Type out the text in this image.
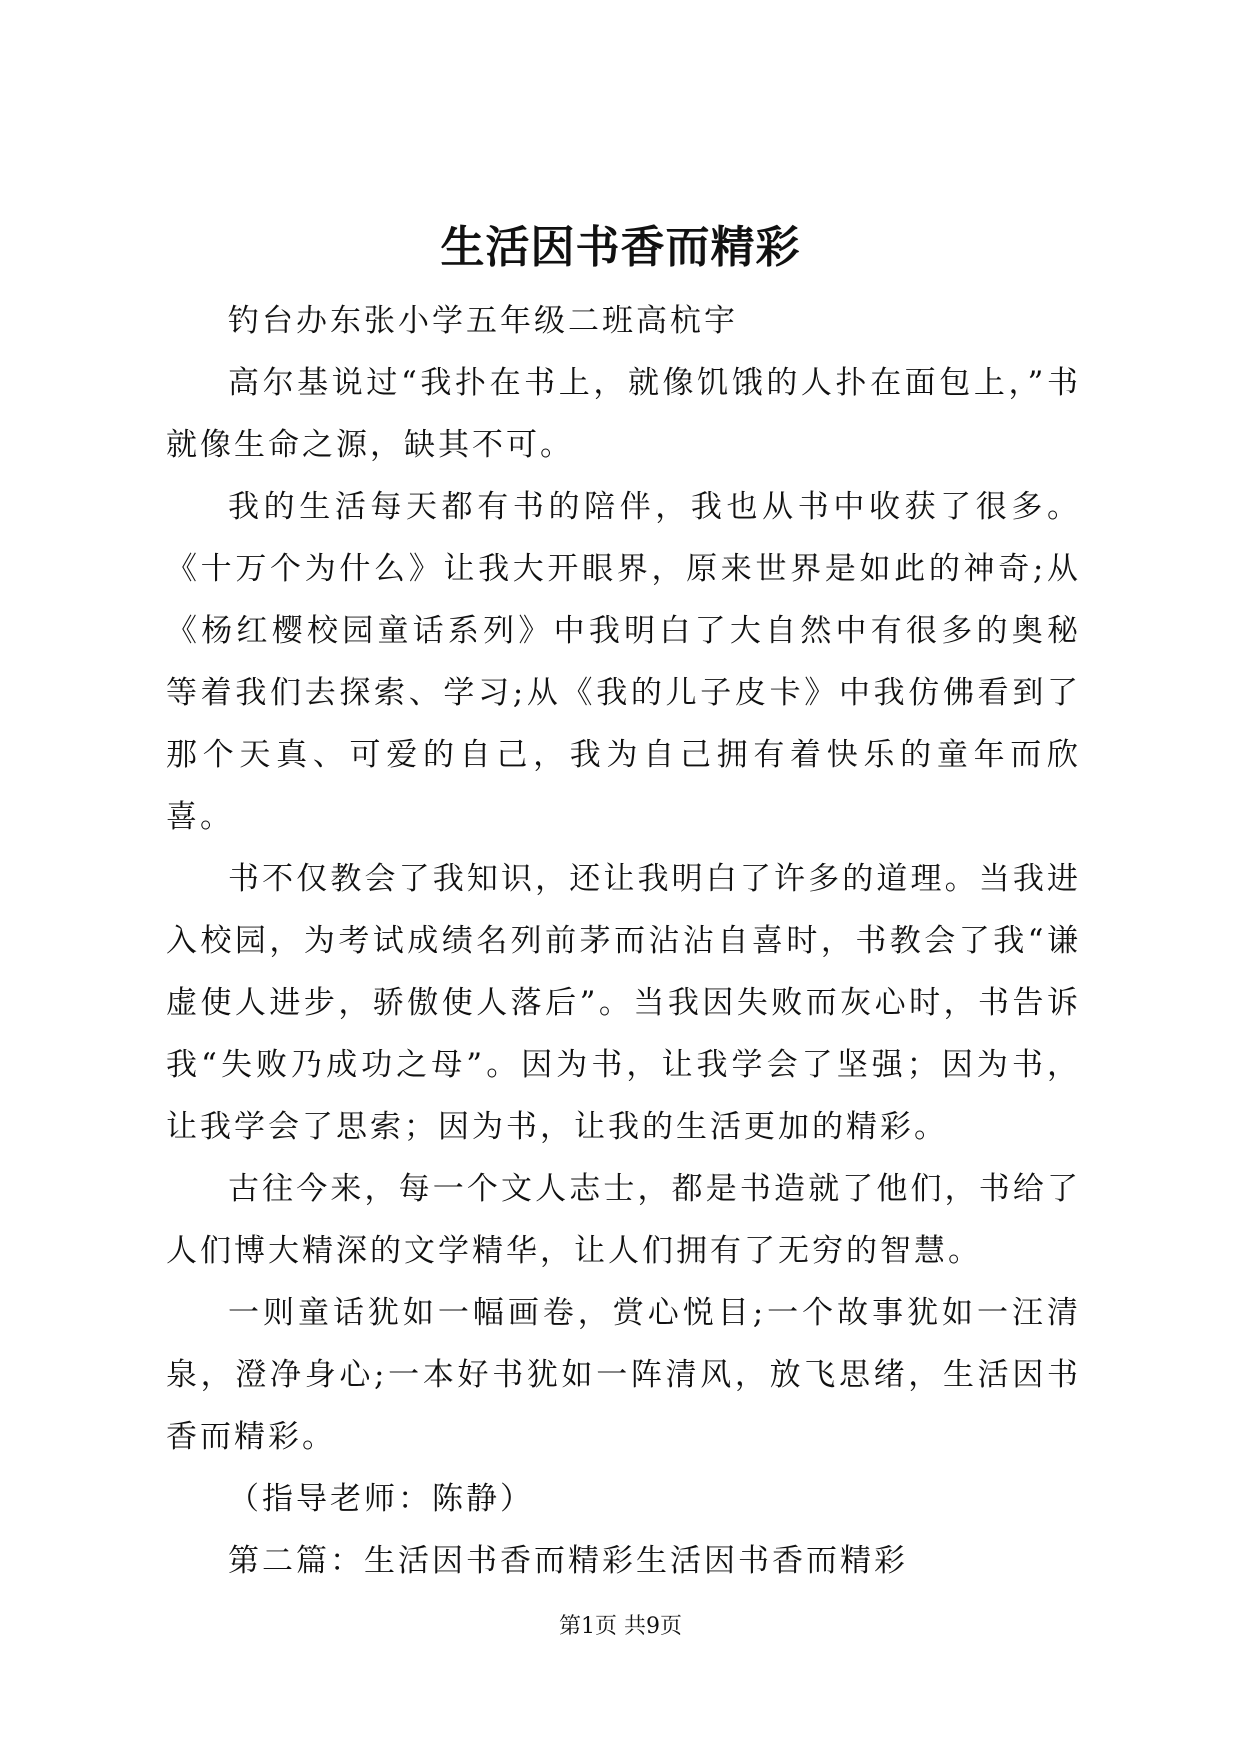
生活因书香而精彩

钓台办东张小学五年级二班高杭宇

高尔基说过“我扑在书上，就像饥饿的人扑在面包上，”书就像生命之源，缺其不可。

我的生活每天都有书的陪伴，我也从书中收获了很多。《十万个为什么》让我大开眼界，原来世界是如此的神奇;从《杨红樱校园童话系列》中我明白了大自然中有很多的奥秘等着我们去探索、学习;从《我的儿子皮卡》中我仿佛看到了那个天真、可爱的自己，我为自己拥有着快乐的童年而欣喜。

书不仅教会了我知识，还让我明白了许多的道理。当我进入校园，为考试成绩名列前茅而沾沾自喜时，书教会了我“谦虚使人进步，骄傲使人落后”。当我因失败而灰心时，书告诉我“失败乃成功之母”。因为书，让我学会了坚强；因为书，让我学会了思索；因为书，让我的生活更加的精彩。

古往今来，每一个文人志士，都是书造就了他们，书给了人们博大精深的文学精华，让人们拥有了无穷的智慧。

一则童话犹如一幅画卷，赏心悦目;一个故事犹如一汪清泉，澄净身心;一本好书犹如一阵清风，放飞思绪，生活因书香而精彩。

（指导老师：陈静）

第二篇：生活因书香而精彩生活因书香而精彩

第1页 共9页
